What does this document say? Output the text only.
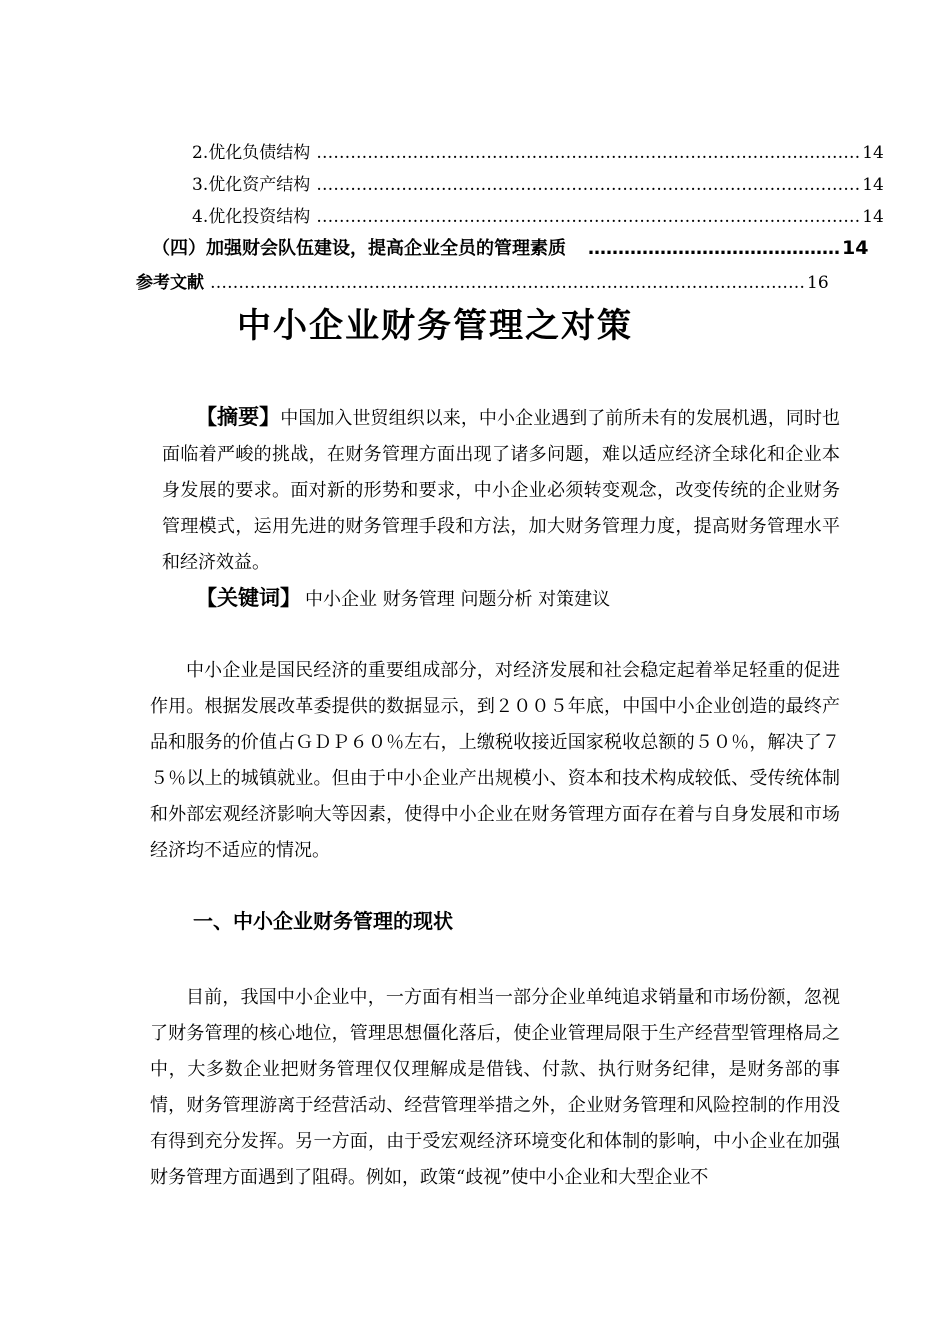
2.优化负债结构 …………………………………………………………………………………… 14
3.优化资产结构 …………………………………………………………………………………… 14
4.优化投资结构 …………………………………………………………………………………… 14
（四）加强财会队伍建设，提高企业全员的管理素质 …………………………………… 14
参考文献 …………………………………………………………………………………………… 16
中小企业财务管理之对策
【摘要】中国加入世贸组织以来，中小企业遇到了前所未有的发展机遇，同时也面临着严峻的挑战，在财务管理方面出现了诸多问题，难以适应经济全球化和企业本身发展的要求。面对新的形势和要求，中小企业必须转变观念，改变传统的企业财务管理模式，运用先进的财务管理手段和方法，加大财务管理力度，提高财务管理水平和经济效益。
【关键词】 中小企业 财务管理 问题分析 对策建议
中小企业是国民经济的重要组成部分，对经济发展和社会稳定起着举足轻重的促进作用。根据发展改革委提供的数据显示，到２００５年底，中国中小企业创造的最终产品和服务的价值占ＧＤＰ６０％左右，上缴税收接近国家税收总额的５０％，解决了７５％以上的城镇就业。但由于中小企业产出规模小、资本和技术构成较低、受传统体制和外部宏观经济影响大等因素，使得中小企业在财务管理方面存在着与自身发展和市场经济均不适应的情况。
一、中小企业财务管理的现状
目前，我国中小企业中，一方面有相当一部分企业单纯追求销量和市场份额，忽视了财务管理的核心地位，管理思想僵化落后，使企业管理局限于生产经营型管理格局之中，大多数企业把财务管理仅仅理解成是借钱、付款、执行财务纪律，是财务部的事情，财务管理游离于经营活动、经营管理举措之外，企业财务管理和风险控制的作用没有得到充分发挥。另一方面，由于受宏观经济环境变化和体制的影响，中小企业在加强财务管理方面遇到了阻碍。例如，政策“歧视”使中小企业和大型企业不
